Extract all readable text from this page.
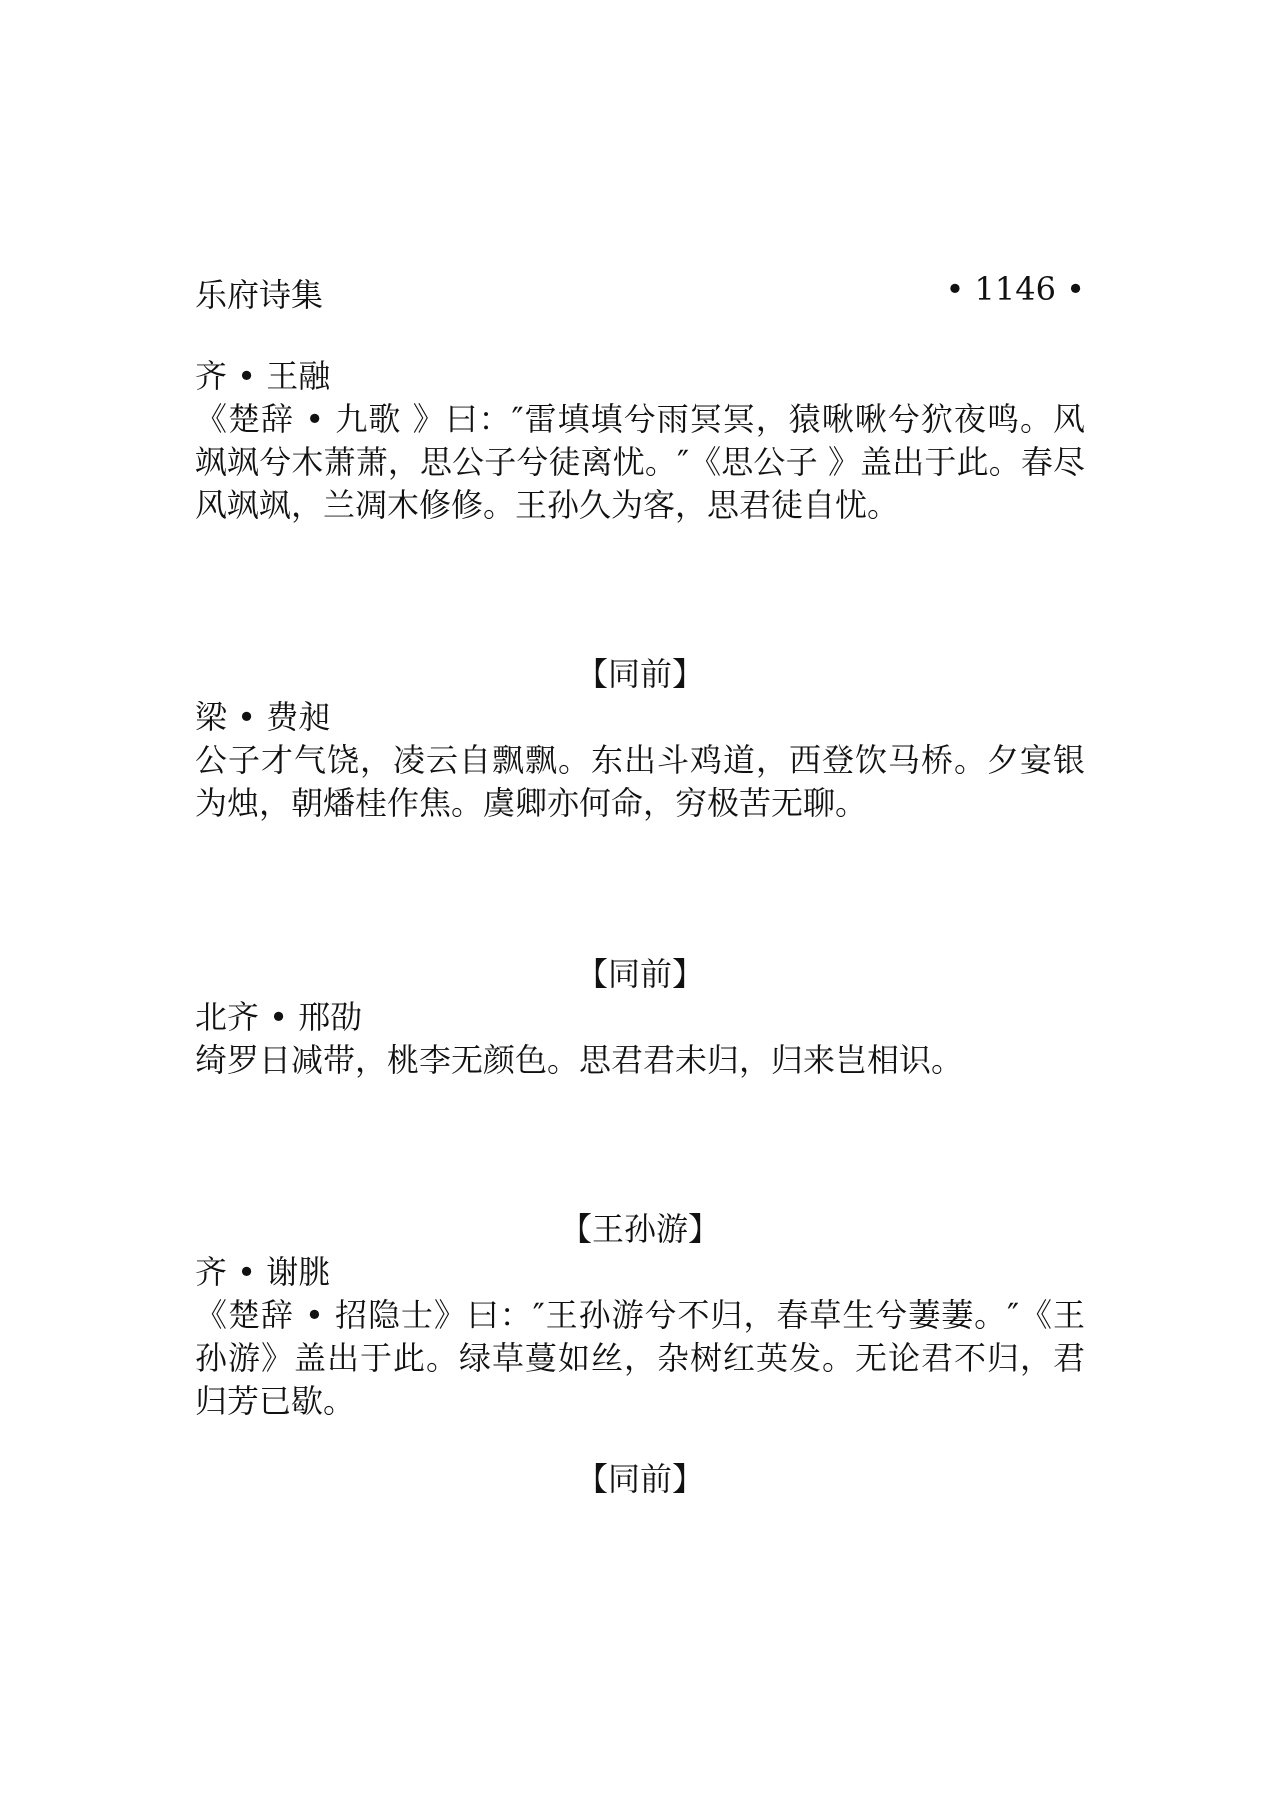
乐府诗集	• 1146 •
齐 • 王融
《楚辞 • 九歌 》曰：″雷填填兮雨冥冥，猿啾啾兮狖夜鸣。风飒飒兮木萧萧，思公子兮徒离忧。″《思公子 》盖出于此。春尽风飒飒，兰凋木修修。王孙久为客，思君徒自忧。
【同前】
梁 • 费昶
公子才气饶，凌云自飘飘。东出斗鸡道，西登饮马桥。夕宴银为烛，朝燔桂作焦。虞卿亦何命，穷极苦无聊。
【同前】
北齐 • 邢劭
绮罗日减带，桃李无颜色。思君君未归，归来岂相识。
【王孙游】
齐 • 谢朓
《楚辞 • 招隐士》曰：″王孙游兮不归，春草生兮萋萋。″《王孙游》盖出于此。绿草蔓如丝，杂树红英发。无论君不归，君归芳已歇。
【同前】
